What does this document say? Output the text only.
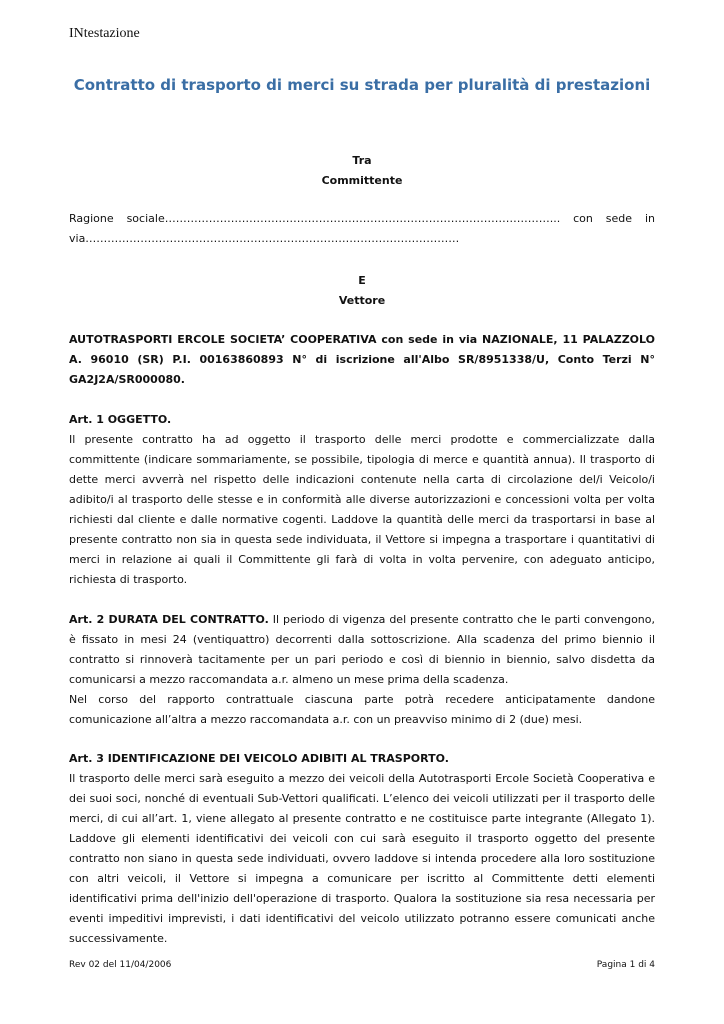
INtestazione
Contratto di trasporto di merci su strada per pluralità di prestazioni
Tra
Committente
Ragione sociale……………………………………………………………………………………………... con sede in
via…………………………………………………………………………………………
E
Vettore
AUTOTRASPORTI ERCOLE SOCIETA’ COOPERATIVA con sede in via NAZIONALE, 11 PALAZZOLO A. 96010 (SR) P.I. 00163860893 N° di iscrizione all'Albo SR/8951338/U, Conto Terzi N° GA2J2A/SR000080.
Art. 1 OGGETTO.
Il presente contratto ha ad oggetto il trasporto delle merci prodotte e commercializzate dalla committente (indicare sommariamente, se possibile, tipologia di merce e quantità annua). Il trasporto di dette merci avverrà nel rispetto delle indicazioni contenute nella carta di circolazione del/i Veicolo/i adibito/i al trasporto delle stesse e in conformità alle diverse autorizzazioni e concessioni volta per volta richiesti dal cliente e dalle normative cogenti. Laddove la quantità delle merci da trasportarsi in base al presente contratto non sia in questa sede individuata, il Vettore si impegna a trasportare i quantitativi di merci in relazione ai quali il Committente gli farà di volta in volta pervenire, con adeguato anticipo, richiesta di trasporto.
Art. 2 DURATA DEL CONTRATTO. Il periodo di vigenza del presente contratto che le parti convengono, è fissato in mesi 24 (ventiquattro) decorrenti dalla sottoscrizione. Alla scadenza del primo biennio il contratto si rinnoverà tacitamente per un pari periodo e così di biennio in biennio, salvo disdetta da comunicarsi a mezzo raccomandata a.r. almeno un mese prima della scadenza.
Nel corso del rapporto contrattuale ciascuna parte potrà recedere anticipatamente dandone comunicazione all’altra a mezzo raccomandata a.r. con un preavviso minimo di 2 (due) mesi.
Art. 3 IDENTIFICAZIONE DEI VEICOLO ADIBITI AL TRASPORTO.
Il trasporto delle merci sarà eseguito a mezzo dei veicoli della Autotrasporti Ercole Società Cooperativa e dei suoi soci, nonché di eventuali Sub-Vettori qualificati. L’elenco dei veicoli utilizzati per il trasporto delle merci, di cui all’art. 1, viene allegato al presente contratto e ne costituisce parte integrante (Allegato 1). Laddove gli elementi identificativi dei veicoli con cui sarà eseguito il trasporto oggetto del presente contratto non siano in questa sede individuati, ovvero laddove si intenda procedere alla loro sostituzione con altri veicoli, il Vettore si impegna a comunicare per iscritto al Committente detti elementi identificativi prima dell'inizio dell'operazione di trasporto. Qualora la sostituzione sia resa necessaria per eventi impeditivi imprevisti, i dati identificativi del veicolo utilizzato potranno essere comunicati anche successivamente.
Rev 02 del 11/04/2006	Pagina 1 di 4
